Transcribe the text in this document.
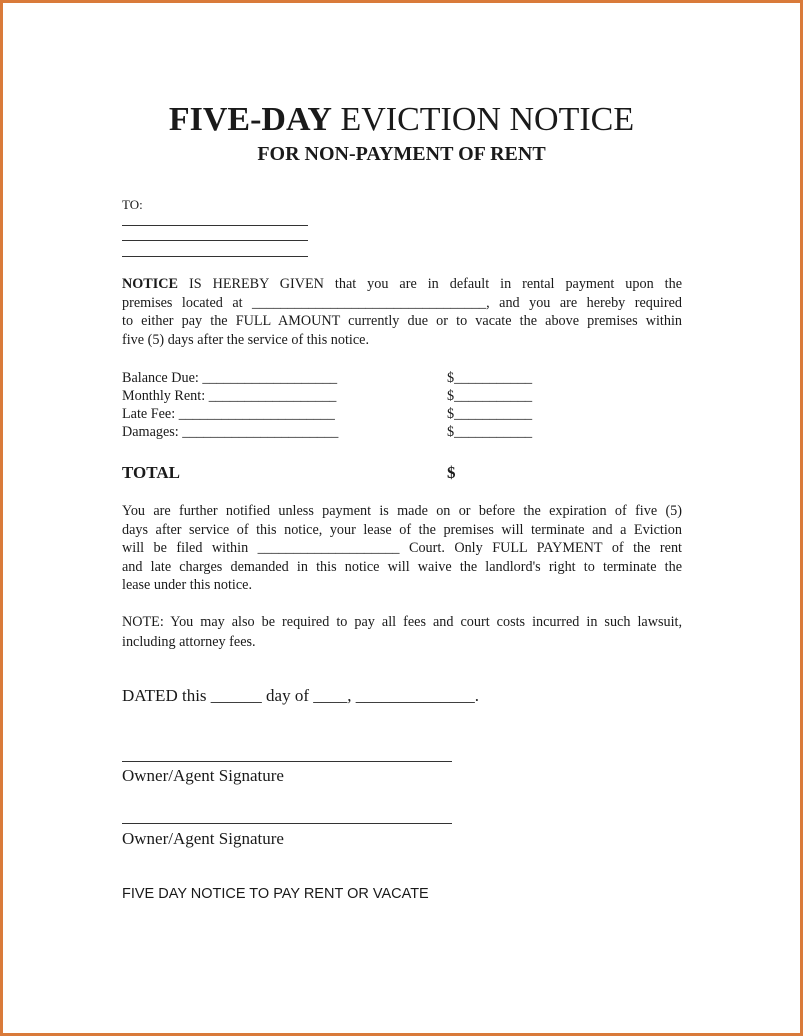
FIVE-DAY EVICTION NOTICE
FOR NON-PAYMENT OF RENT
TO:
NOTICE IS HEREBY GIVEN that you are in default in rental payment upon the
premises located at _________________________________, and you are hereby required
to either pay the FULL AMOUNT currently due or to vacate the above premises within
five (5) days after the service of this notice.
Balance Due: ___________________	$___________
Monthly Rent: __________________	$___________
Late Fee: ______________________	$___________
Damages: ______________________	$___________
TOTAL	$
You are further notified unless payment is made on or before the expiration of five (5)
days after service of this notice, your lease of the premises will terminate and a Eviction
will be filed within ____________________ Court. Only FULL PAYMENT of the rent
and late charges demanded in this notice will waive the landlord's right to terminate the
lease under this notice.
NOTE: You may also be required to pay all fees and court costs incurred in such lawsuit,
including attorney fees.
DATED this ______ day of ____, ______________.
Owner/Agent Signature
Owner/Agent Signature
FIVE DAY NOTICE TO PAY RENT OR VACATE
